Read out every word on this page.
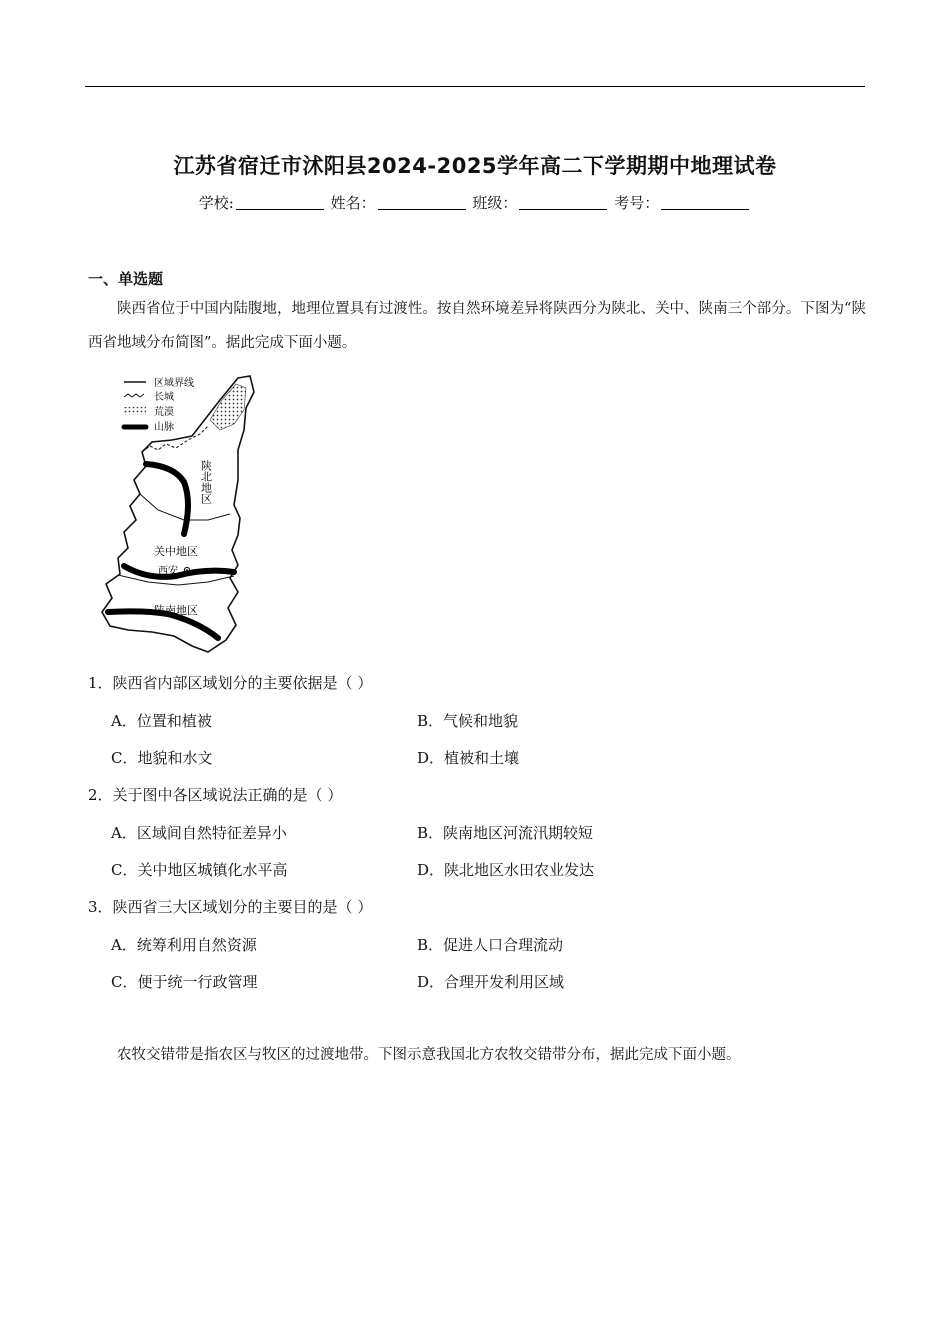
江苏省宿迁市沭阳县2024-2025学年高二下学期期中地理试卷
学校:	姓名：	班级：	考号：
一、单选题
陕西省位于中国内陆腹地，地理位置具有过渡性。按自然环境差异将陕西分为陕北、关中、陕南三个部分。下图为“陕西省地域分布简图”。据此完成下面小题。
区域界线
长城
荒漠
山脉
陕北地区
关中地区
西安
陕南地区
1．陕西省内部区域划分的主要依据是（ ）
A．位置和植被	B．气候和地貌
C．地貌和水文	D．植被和土壤
2．关于图中各区域说法正确的是（ ）
A．区域间自然特征差异小	B．陕南地区河流汛期较短
C．关中地区城镇化水平高	D．陕北地区水田农业发达
3．陕西省三大区域划分的主要目的是（ ）
A．统筹利用自然资源	B．促进人口合理流动
C．便于统一行政管理	D．合理开发利用区域
农牧交错带是指农区与牧区的过渡地带。下图示意我国北方农牧交错带分布，据此完成下面小题。
